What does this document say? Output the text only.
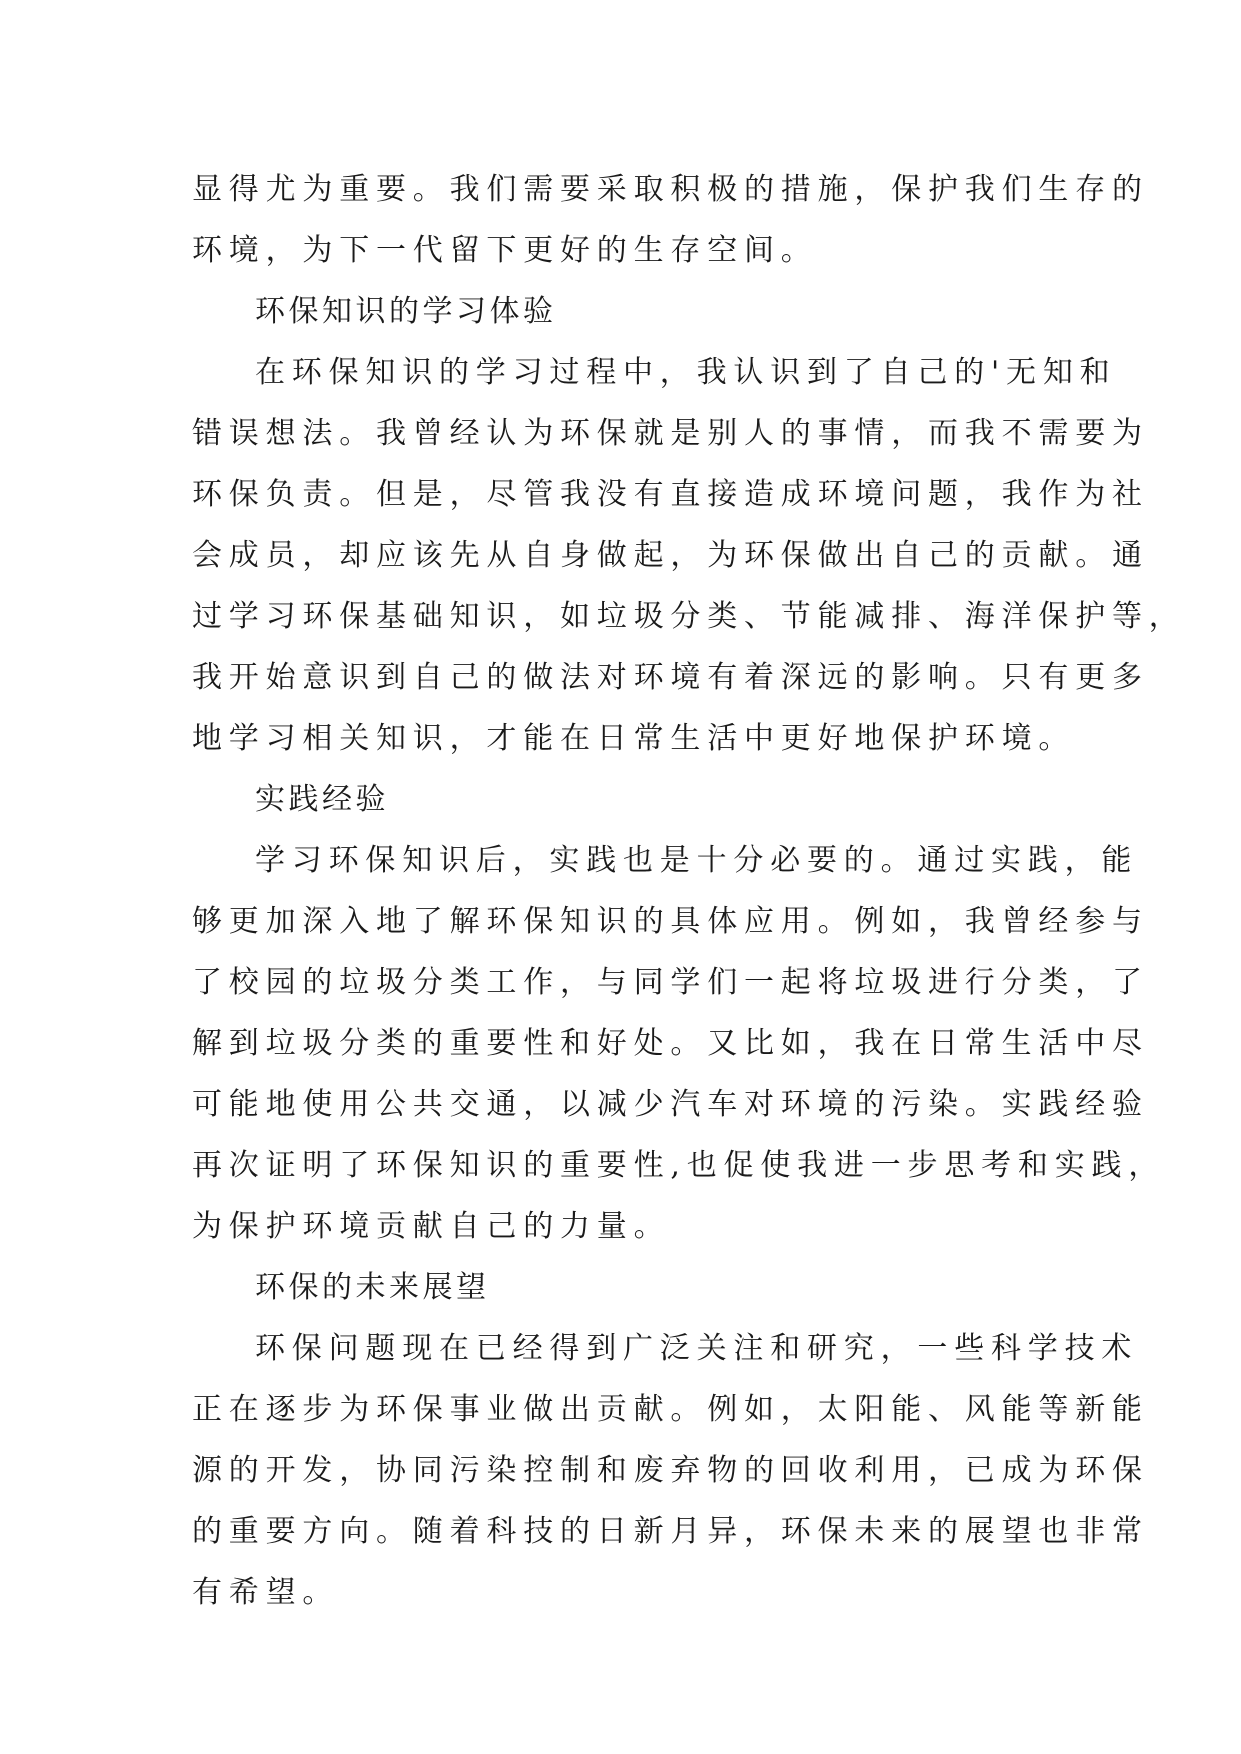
显得尤为重要。我们需要采取积极的措施，保护我们生存的
环境，为下一代留下更好的生存空间。
环保知识的学习体验
在环保知识的学习过程中，我认识到了自己的'无知和
错误想法。我曾经认为环保就是别人的事情，而我不需要为
环保负责。但是，尽管我没有直接造成环境问题，我作为社
会成员，却应该先从自身做起，为环保做出自己的贡献。通
过学习环保基础知识，如垃圾分类、节能减排、海洋保护等，
我开始意识到自己的做法对环境有着深远的影响。只有更多
地学习相关知识，才能在日常生活中更好地保护环境。
实践经验
学习环保知识后，实践也是十分必要的。通过实践，能
够更加深入地了解环保知识的具体应用。例如，我曾经参与
了校园的垃圾分类工作，与同学们一起将垃圾进行分类，了
解到垃圾分类的重要性和好处。又比如，我在日常生活中尽
可能地使用公共交通，以减少汽车对环境的污染。实践经验
再次证明了环保知识的重要性,也促使我进一步思考和实践，
为保护环境贡献自己的力量。
环保的未来展望
环保问题现在已经得到广泛关注和研究，一些科学技术
正在逐步为环保事业做出贡献。例如，太阳能、风能等新能
源的开发，协同污染控制和废弃物的回收利用，已成为环保
的重要方向。随着科技的日新月异，环保未来的展望也非常
有希望。
